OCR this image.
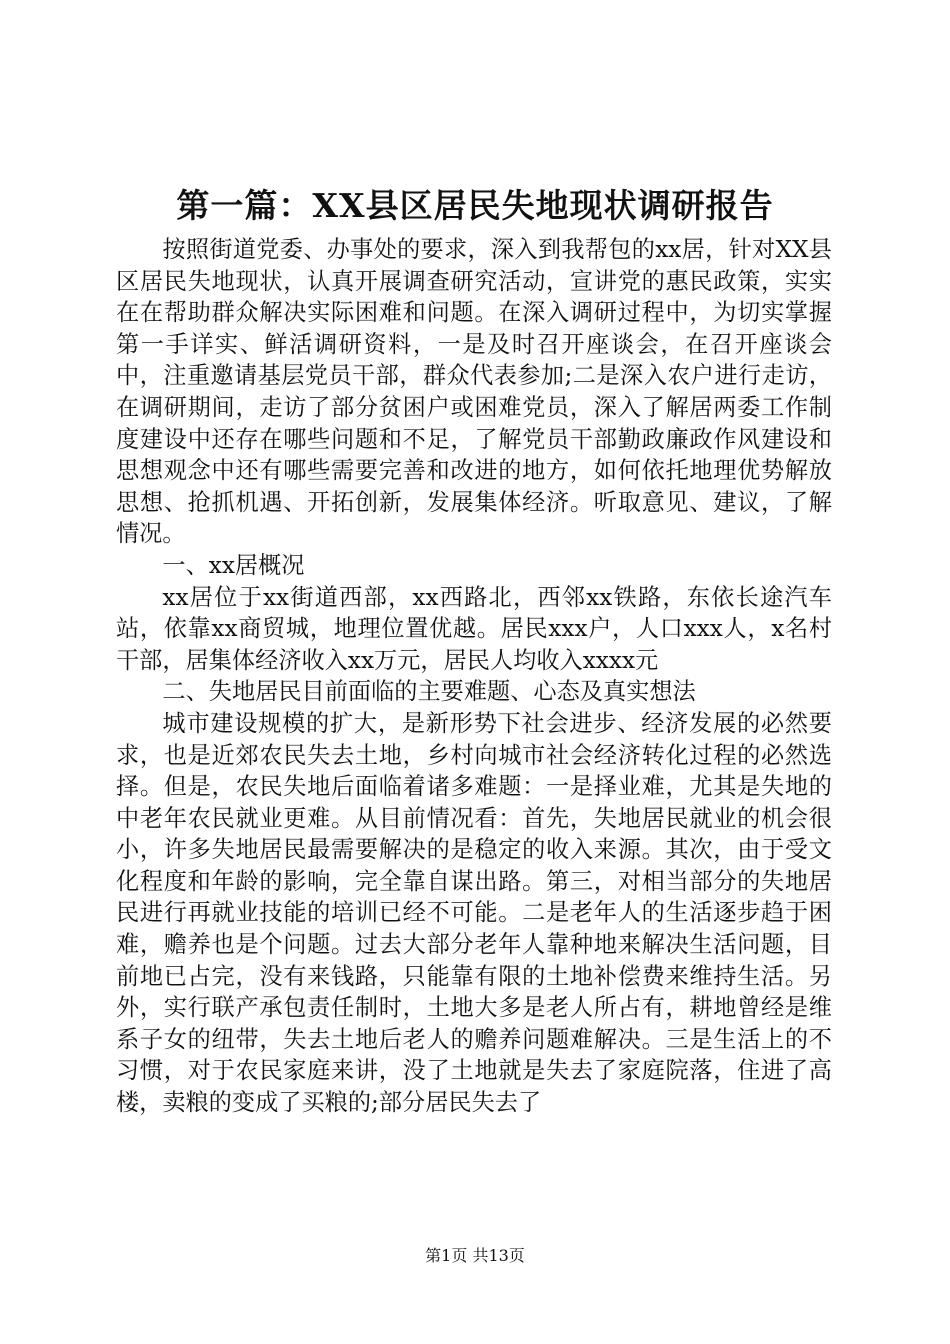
第一篇：XX县区居民失地现状调研报告

按照街道党委、办事处的要求，深入到我帮包的xx居，针对XX县区居民失地现状，认真开展调查研究活动，宣讲党的惠民政策，实实在在帮助群众解决实际困难和问题。在深入调研过程中，为切实掌握第一手详实、鲜活调研资料，一是及时召开座谈会，在召开座谈会中，注重邀请基层党员干部，群众代表参加;二是深入农户进行走访，在调研期间，走访了部分贫困户或困难党员，深入了解居两委工作制度建设中还存在哪些问题和不足，了解党员干部勤政廉政作风建设和思想观念中还有哪些需要完善和改进的地方，如何依托地理优势解放思想、抢抓机遇、开拓创新，发展集体经济。听取意见、建议，了解情况。

一、xx居概况

xx居位于xx街道西部，xx西路北，西邻xx铁路，东依长途汽车站，依靠xx商贸城，地理位置优越。居民xxx户，人口xxx人，x名村干部，居集体经济收入xx万元，居民人均收入xxxx元

二、失地居民目前面临的主要难题、心态及真实想法

城市建设规模的扩大，是新形势下社会进步、经济发展的必然要求，也是近郊农民失去土地，乡村向城市社会经济转化过程的必然选择。但是，农民失地后面临着诸多难题：一是择业难，尤其是失地的中老年农民就业更难。从目前情况看：首先，失地居民就业的机会很小，许多失地居民最需要解决的是稳定的收入来源。其次，由于受文化程度和年龄的影响，完全靠自谋出路。第三，对相当部分的失地居民进行再就业技能的培训已经不可能。二是老年人的生活逐步趋于困难，赡养也是个问题。过去大部分老年人靠种地来解决生活问题，目前地已占完，没有来钱路，只能靠有限的土地补偿费来维持生活。另外，实行联产承包责任制时，土地大多是老人所占有，耕地曾经是维系子女的纽带，失去土地后老人的赡养问题难解决。三是生活上的不习惯，对于农民家庭来讲，没了土地就是失去了家庭院落，住进了高楼，卖粮的变成了买粮的;部分居民失去了

第1页 共13页
